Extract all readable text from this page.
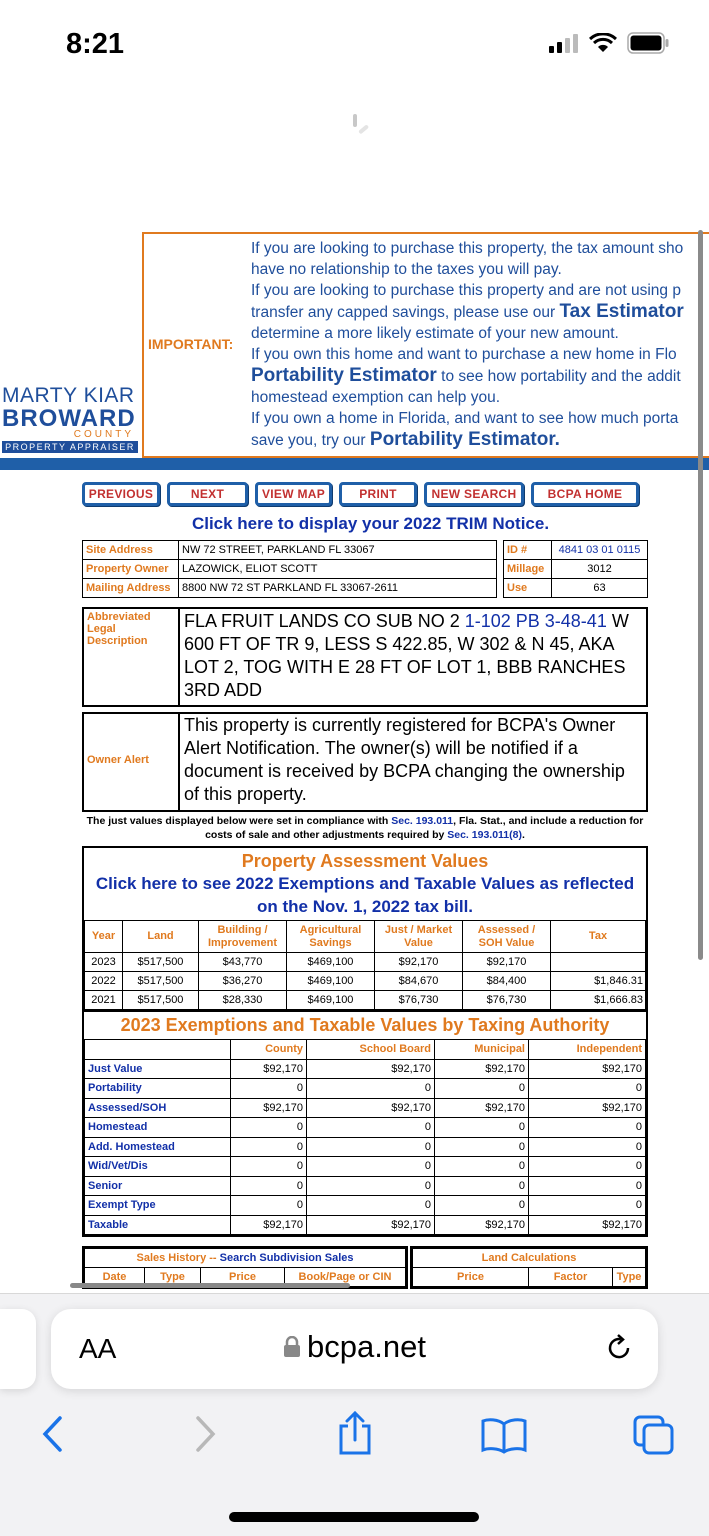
8:21
MARTY KIAR
BROWARD
COUNTY
PROPERTY APPRAISER
IMPORTANT:
If you are looking to purchase this property, the tax amount sho
have no relationship to the taxes you will pay.
If you are looking to purchase this property and are not using p
transfer any capped savings, please use our Tax Estimator
determine a more likely estimate of your new amount.
If you own this home and want to purchase a new home in Flo
Portability Estimator to see how portability and the addit
homestead exemption can help you.
If you own a home in Florida, and want to see how much porta
save you, try our Portability Estimator.
PREVIOUS	NEXT	VIEW MAP	PRINT	NEW SEARCH	BCPA HOME
Click here to display your 2022 TRIM Notice.
Site Address	NW 72 STREET, PARKLAND FL 33067		ID #	4841 03 01 0115
Property Owner	LAZOWICK, ELIOT SCOTT		Millage	3012
Mailing Address	8800 NW 72 ST PARKLAND FL 33067-2611		Use	63
Abbreviated Legal Description
FLA FRUIT LANDS CO SUB NO 2 1-102 PB 3-48-41 W 600 FT OF TR 9, LESS S 422.85, W 302 & N 45, AKA LOT 2, TOG WITH E 28 FT OF LOT 1, BBB RANCHES 3RD ADD
Owner Alert
This property is currently registered for BCPA's Owner Alert Notification. The owner(s) will be notified if a document is received by BCPA changing the ownership of this property.
The just values displayed below were set in compliance with Sec. 193.011, Fla. Stat., and include a reduction for costs of sale and other adjustments required by Sec. 193.011(8).
Property Assessment Values
Click here to see 2022 Exemptions and Taxable Values as reflected on the Nov. 1, 2022 tax bill.
Year	Land	Building / Improvement	Agricultural Savings	Just / Market Value	Assessed / SOH Value	Tax
2023	$517,500	$43,770	$469,100	$92,170	$92,170	
2022	$517,500	$36,270	$469,100	$84,670	$84,400	$1,846.31
2021	$517,500	$28,330	$469,100	$76,730	$76,730	$1,666.83
2023 Exemptions and Taxable Values by Taxing Authority
	County	School Board	Municipal	Independent
Just Value	$92,170	$92,170	$92,170	$92,170
Portability	0	0	0	0
Assessed/SOH	$92,170	$92,170	$92,170	$92,170
Homestead	0	0	0	0
Add. Homestead	0	0	0	0
Wid/Vet/Dis	0	0	0	0
Senior	0	0	0	0
Exempt Type	0	0	0	0
Taxable	$92,170	$92,170	$92,170	$92,170
Sales History -- Search Subdivision Sales
Date	Type	Price	Book/Page or CIN
Land Calculations
Price	Factor	Type
AA	bcpa.net
